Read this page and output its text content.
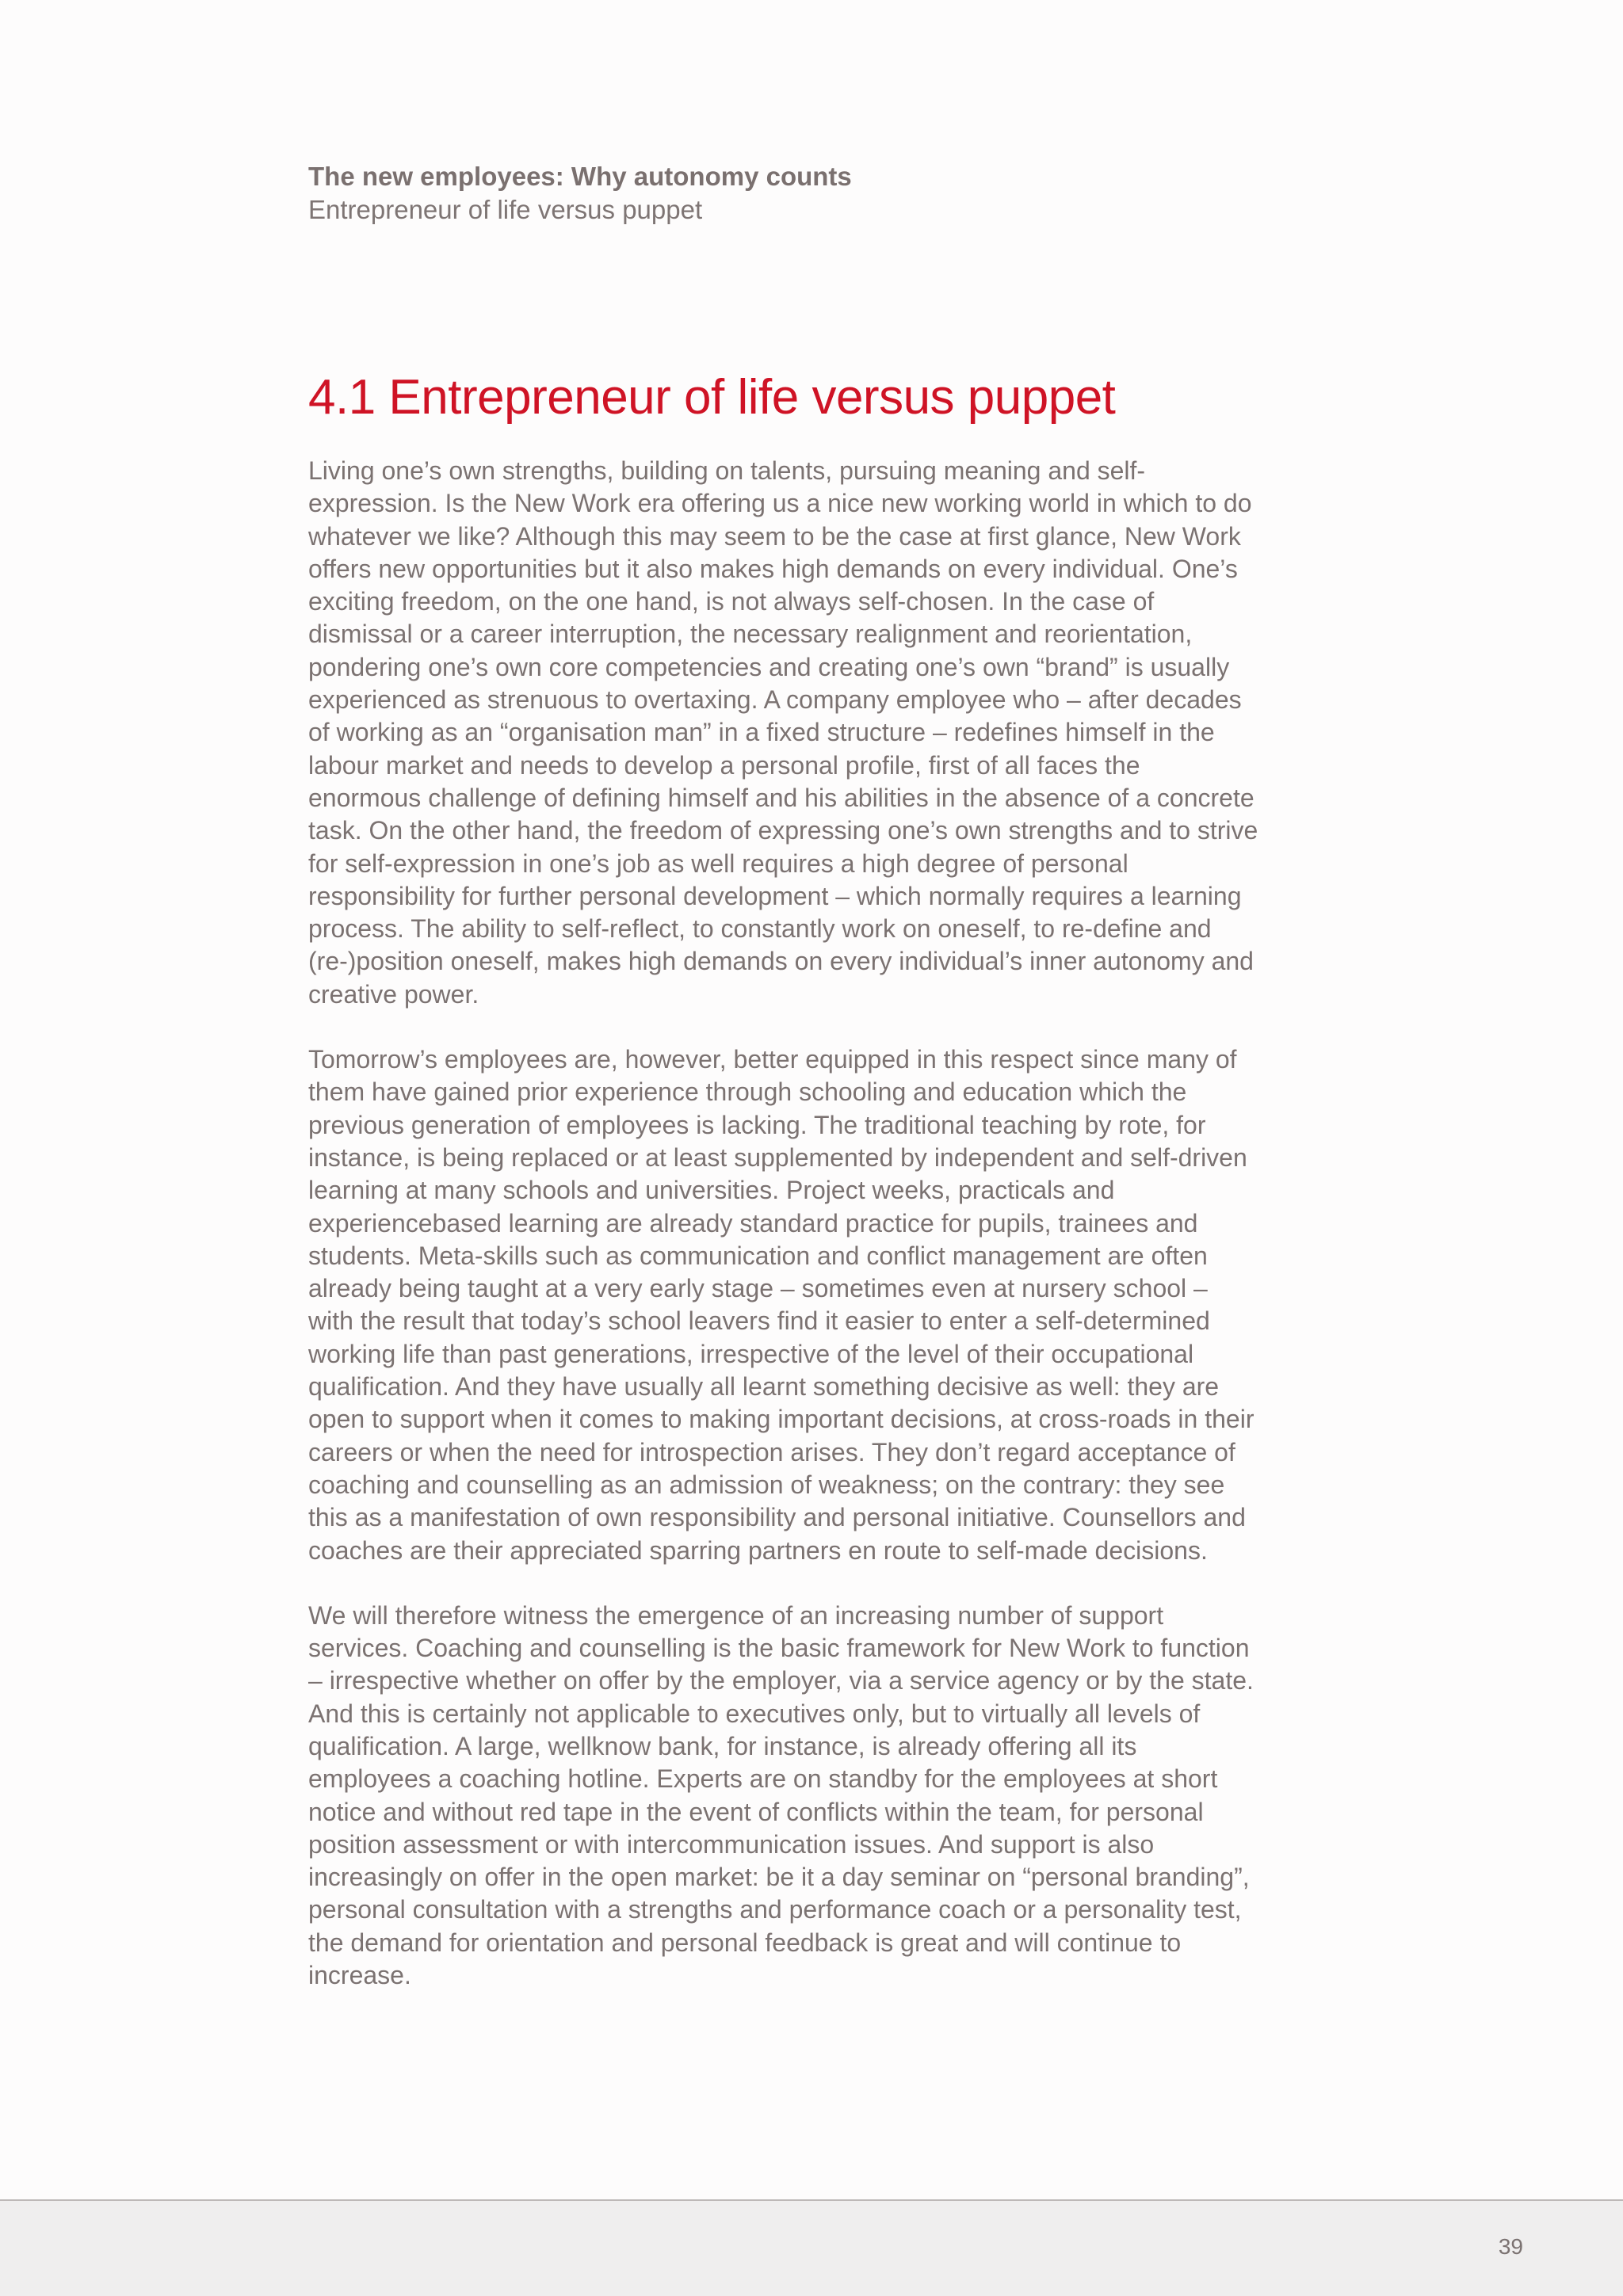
The new employees: Why autonomy counts
Entrepreneur of life versus puppet
4.1 Entrepreneur of life versus puppet

Living one’s own strengths, building on talents, pursuing meaning and self-expression. Is the New Work era offering us a nice new working world in which to do whatever we like? Although this may seem to be the case at first glance, New Work offers new opportunities but it also makes high demands on every individual. One’s exciting freedom, on the one hand, is not always self-chosen. In the case of dismissal or a career interruption, the necessary realignment and reorientation, pondering one’s own core competencies and creating one’s own “brand” is usually experienced as strenuous to overtaxing. A company employee who – after decades of working as an “organisation man” in a fixed structure – redefines himself in the labour market and needs to develop a personal profile, first of all faces the enormous challenge of defining himself and his abilities in the absence of a concrete task. On the other hand, the freedom of expressing one’s own strengths and to strive for self-expression in one’s job as well requires a high degree of personal responsibility for further personal development – which normally requires a learning process. The ability to self-reflect, to constantly work on oneself, to re-define and (re-)position oneself, makes high demands on every individual’s inner autonomy and creative power.

Tomorrow’s employees are, however, better equipped in this respect since many of them have gained prior experience through schooling and education which the previous generation of employees is lacking. The traditional teaching by rote, for instance, is being replaced or at least supplemented by independent and self-driven learning at many schools and universities. Project weeks, practicals and experiencebased learning are already standard practice for pupils, trainees and students. Meta-skills such as communication and conflict management are often already being taught at a very early stage – sometimes even at nursery school – with the result that today’s school leavers find it easier to enter a self-determined working life than past generations, irrespective of the level of their occupational qualification. And they have usually all learnt something decisive as well: they are open to support when it comes to making important decisions, at cross-roads in their careers or when the need for introspection arises. They don’t regard acceptance of coaching and counselling as an admission of weakness; on the contrary: they see this as a manifestation of own responsibility and personal initiative. Counsellors and coaches are their appreciated sparring partners en route to self-made decisions.

We will therefore witness the emergence of an increasing number of support services. Coaching and counselling is the basic framework for New Work to function – irrespective whether on offer by the employer, via a service agency or by the state. And this is certainly not applicable to executives only, but to virtually all levels of qualification. A large, wellknow bank, for instance, is already offering all its employees a coaching hotline. Experts are on standby for the employees at short notice and without red tape in the event of conflicts within the team, for personal position assessment or with intercommunication issues. And support is also increasingly on offer in the open market: be it a day seminar on “personal branding”, personal consultation with a strengths and performance coach or a personality test, the demand for orientation and personal feedback is great and will continue to increase.

39
